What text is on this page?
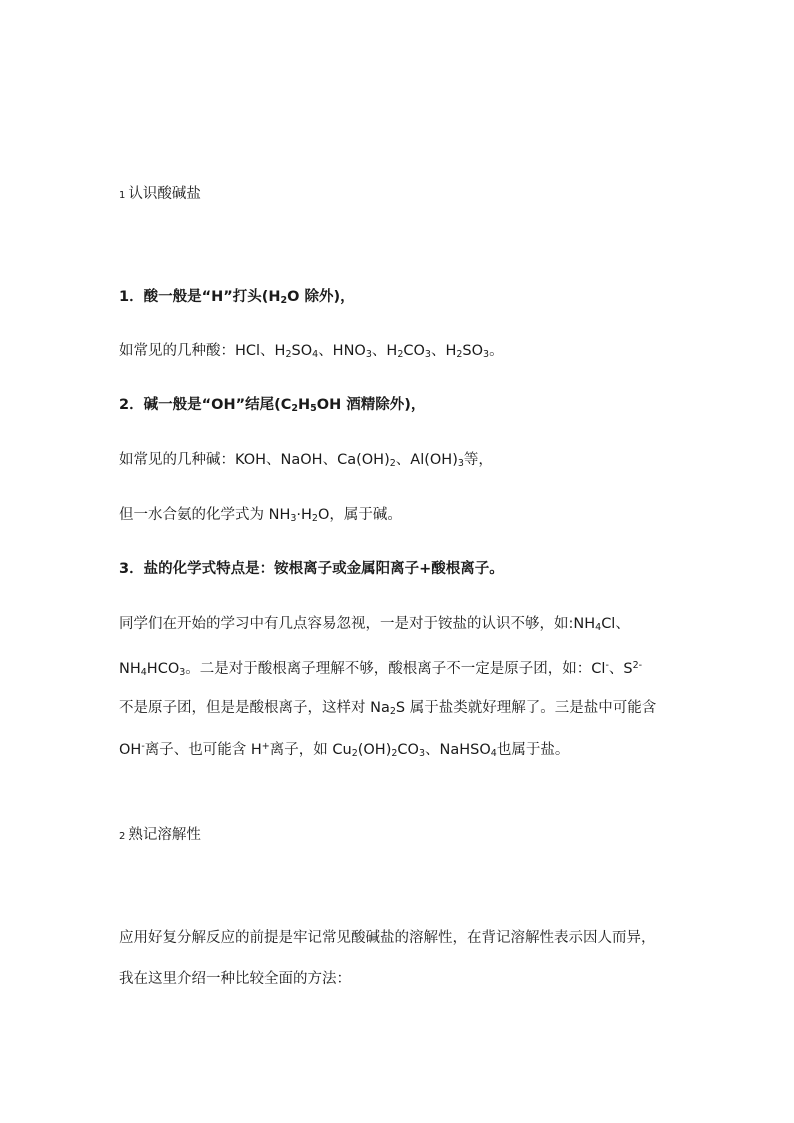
1 认识酸碱盐
1．酸一般是“H”打头($H_2O$ 除外)，
如常见的几种酸：HCl、$H_2SO_4$、$HNO_3$、$H_2CO_3$、$H_2SO_3$。
2．碱一般是“OH”结尾($C_2H_5OH$ 酒精除外)，
如常见的几种碱：KOH、NaOH、$Ca(OH)_2$、$Al(OH)_3$等，
但一水合氨的化学式为 $NH_3\cdot H_2O$，属于碱。
3．盐的化学式特点是：铵根离子或金属阳离子+酸根离子。
同学们在开始的学习中有几点容易忽视，一是对于铵盐的认识不够，如$:NH_4Cl$、
$NH_4HCO_3$。二是对于酸根离子理解不够，酸根离子不一定是原子团，如：Cl-、$S^{2-}$
不是原子团，但是是酸根离子，这样对 $Na_2S$ 属于盐类就好理解了。三是盐中可能含
OH-离子、也可能含 H+离子，如 $Cu_2(OH)_2CO_3$、NaHSO$_4$也属于盐。
2 熟记溶解性
应用好复分解反应的前提是牢记常见酸碱盐的溶解性，在背记溶解性表示因人而异，
我在这里介绍一种比较全面的方法：
